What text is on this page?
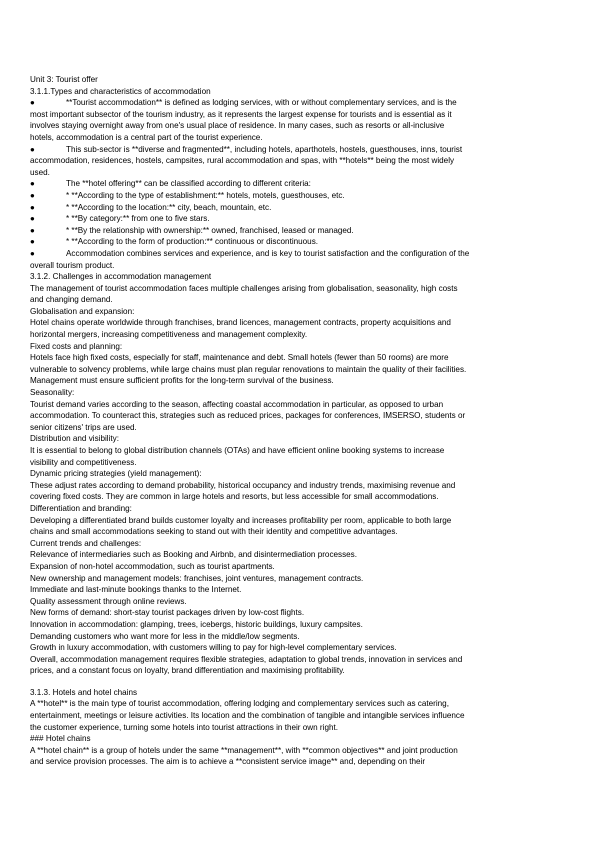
Unit 3: Tourist offer
3.1.1.Types and characteristics of accommodation
●	**Tourist accommodation** is defined as lodging services, with or without complementary services, and is the
most important subsector of the tourism industry, as it represents the largest expense for tourists and is essential as it
involves staying overnight away from one's usual place of residence. In many cases, such as resorts or all-inclusive
hotels, accommodation is a central part of the tourist experience.
●	This sub-sector is **diverse and fragmented**, including hotels, aparthotels, hostels, guesthouses, inns, tourist
accommodation, residences, hostels, campsites, rural accommodation and spas, with **hotels** being the most widely
used.
●	The **hotel offering** can be classified according to different criteria:
●	* **According to the type of establishment:** hotels, motels, guesthouses, etc.
●	* **According to the location:** city, beach, mountain, etc.
●	* **By category:** from one to five stars.
●	* **By the relationship with ownership:** owned, franchised, leased or managed.
●	* **According to the form of production:** continuous or discontinuous.
●	Accommodation combines services and experience, and is key to tourist satisfaction and the configuration of the
overall tourism product.
3.1.2. Challenges in accommodation management
The management of tourist accommodation faces multiple challenges arising from globalisation, seasonality, high costs
and changing demand.
Globalisation and expansion:
Hotel chains operate worldwide through franchises, brand licences, management contracts, property acquisitions and
horizontal mergers, increasing competitiveness and management complexity.
Fixed costs and planning:
Hotels face high fixed costs, especially for staff, maintenance and debt. Small hotels (fewer than 50 rooms) are more
vulnerable to solvency problems, while large chains must plan regular renovations to maintain the quality of their facilities.
Management must ensure sufficient profits for the long-term survival of the business.
Seasonality:
Tourist demand varies according to the season, affecting coastal accommodation in particular, as opposed to urban
accommodation. To counteract this, strategies such as reduced prices, packages for conferences, IMSERSO, students or
senior citizens' trips are used.
Distribution and visibility:
It is essential to belong to global distribution channels (OTAs) and have efficient online booking systems to increase
visibility and competitiveness.
Dynamic pricing strategies (yield management):
These adjust rates according to demand probability, historical occupancy and industry trends, maximising revenue and
covering fixed costs. They are common in large hotels and resorts, but less accessible for small accommodations.
Differentiation and branding:
Developing a differentiated brand builds customer loyalty and increases profitability per room, applicable to both large
chains and small accommodations seeking to stand out with their identity and competitive advantages.
Current trends and challenges:
Relevance of intermediaries such as Booking and Airbnb, and disintermediation processes.
Expansion of non-hotel accommodation, such as tourist apartments.
New ownership and management models: franchises, joint ventures, management contracts.
Immediate and last-minute bookings thanks to the Internet.
Quality assessment through online reviews.
New forms of demand: short-stay tourist packages driven by low-cost flights.
Innovation in accommodation: glamping, trees, icebergs, historic buildings, luxury campsites.
Demanding customers who want more for less in the middle/low segments.
Growth in luxury accommodation, with customers willing to pay for high-level complementary services.
Overall, accommodation management requires flexible strategies, adaptation to global trends, innovation in services and
prices, and a constant focus on loyalty, brand differentiation and maximising profitability.
3.1.3. Hotels and hotel chains
A **hotel** is the main type of tourist accommodation, offering lodging and complementary services such as catering,
entertainment, meetings or leisure activities. Its location and the combination of tangible and intangible services influence
the customer experience, turning some hotels into tourist attractions in their own right.
### Hotel chains
A **hotel chain** is a group of hotels under the same **management**, with **common objectives** and joint production
and service provision processes. The aim is to achieve a **consistent service image** and, depending on their
